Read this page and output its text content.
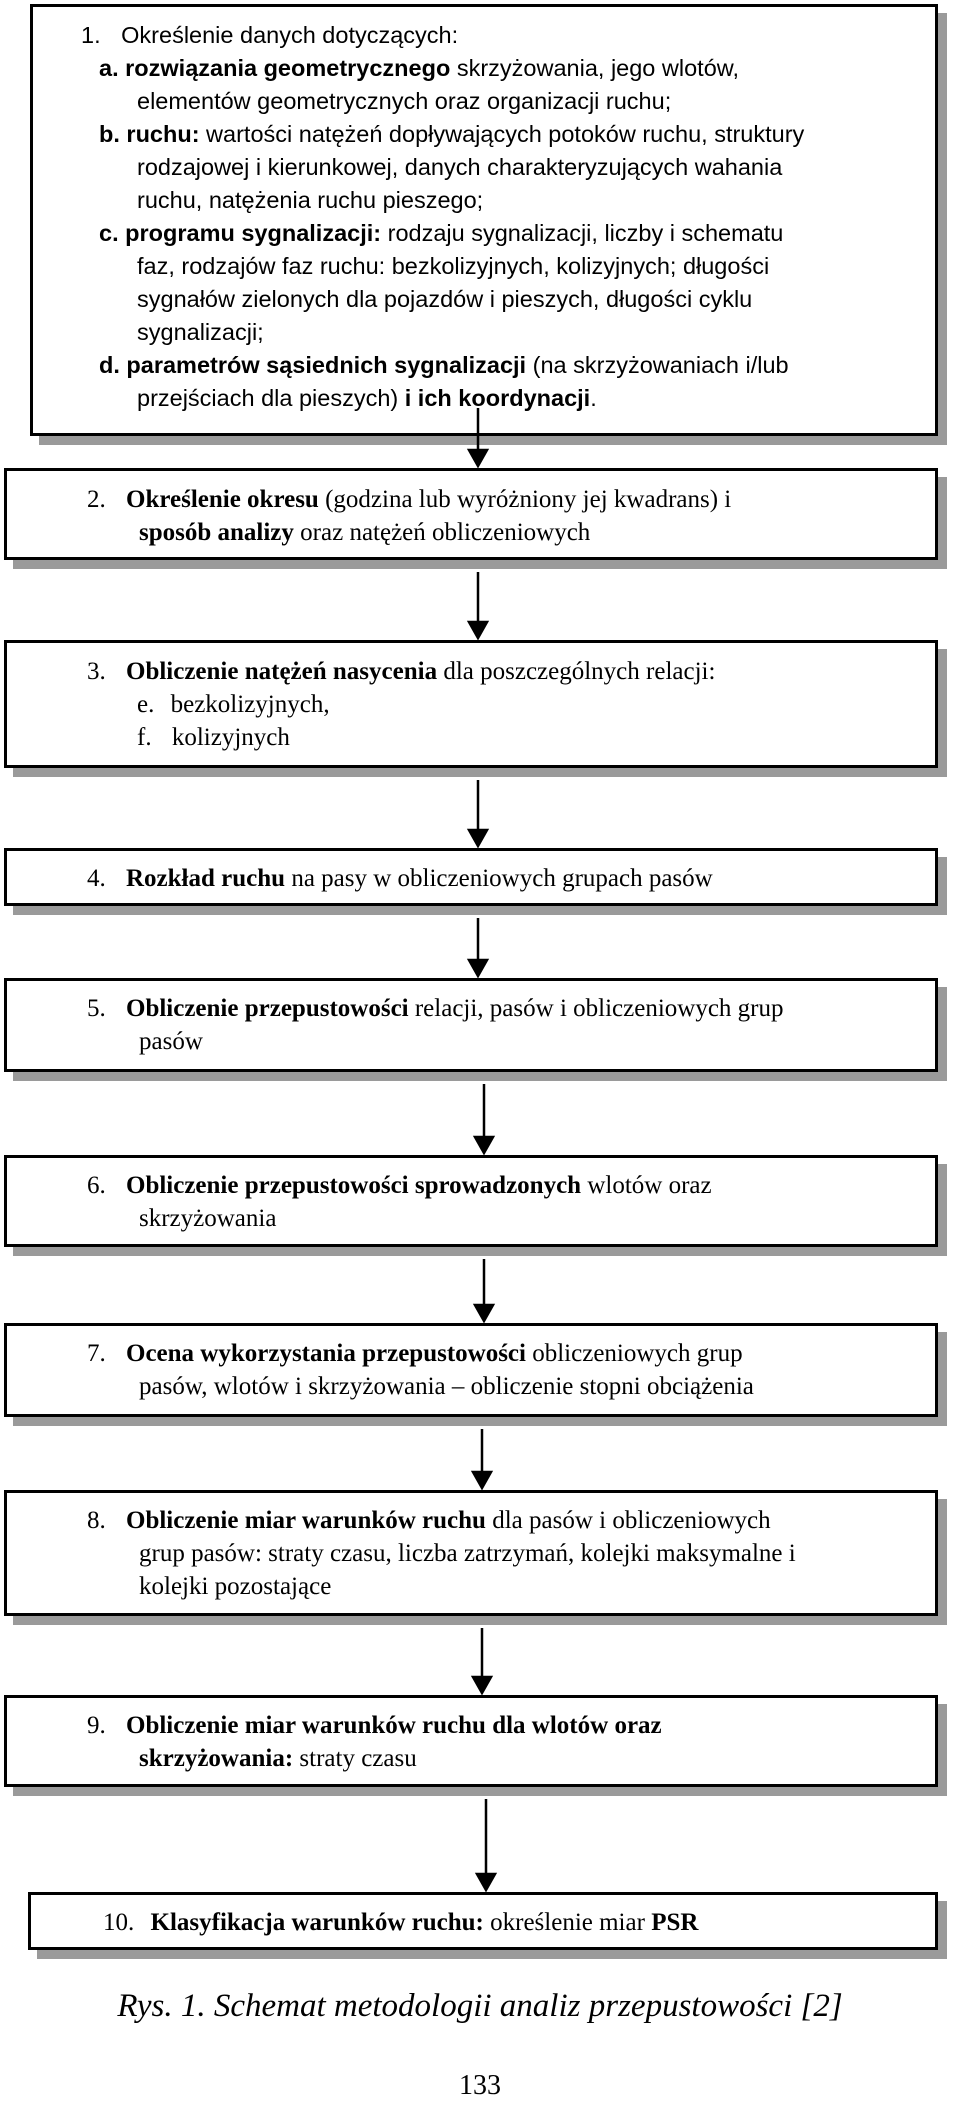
1. Określenie danych dotyczących:
a. rozwiązania geometrycznego skrzyżowania, jego wlotów,
elementów geometrycznych oraz organizacji ruchu;
b. ruchu: wartości natężeń dopływających potoków ruchu, struktury
rodzajowej i kierunkowej, danych charakteryzujących wahania
ruchu, natężenia ruchu pieszego;
c. programu sygnalizacji: rodzaju sygnalizacji, liczby i schematu
faz, rodzajów faz ruchu: bezkolizyjnych, kolizyjnych; długości
sygnałów zielonych dla pojazdów i pieszych, długości cyklu
sygnalizacji;
d. parametrów sąsiednich sygnalizacji (na skrzyżowaniach i/lub
przejściach dla pieszych) i ich koordynacji.
2. Określenie okresu (godzina lub wyróżniony jej kwadrans) i
sposób analizy oraz natężeń obliczeniowych
3. Obliczenie natężeń nasycenia dla poszczególnych relacji:
e. bezkolizyjnych,
f. kolizyjnych
4. Rozkład ruchu na pasy w obliczeniowych grupach pasów
5. Obliczenie przepustowości relacji, pasów i obliczeniowych grup
pasów
6. Obliczenie przepustowości sprowadzonych wlotów oraz
skrzyżowania
7. Ocena wykorzystania przepustowości obliczeniowych grup
pasów, wlotów i skrzyżowania – obliczenie stopni obciążenia
8. Obliczenie miar warunków ruchu dla pasów i obliczeniowych
grup pasów: straty czasu, liczba zatrzymań, kolejki maksymalne i
kolejki pozostające
9. Obliczenie miar warunków ruchu dla wlotów oraz
skrzyżowania: straty czasu
10. Klasyfikacja warunków ruchu: określenie miar PSR
Rys. 1. Schemat metodologii analiz przepustowości [2]
133
